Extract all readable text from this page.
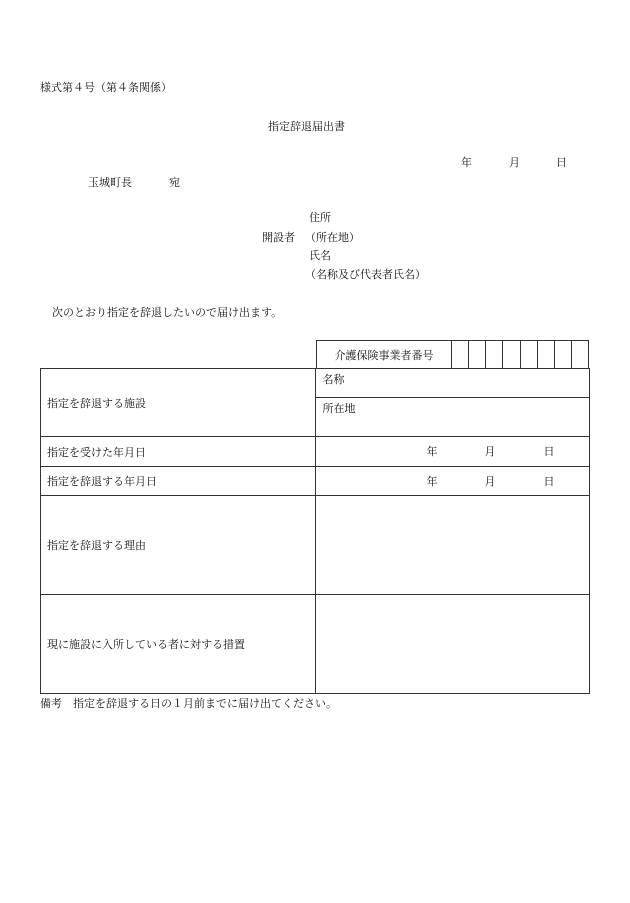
様式第４号（第４条関係）
指定辞退届出書
年	月	日
玉城町長	宛
住所
開設者 （所在地）
氏名
（名称及び代表者氏名）
次のとおり指定を辞退したいので届け出ます。
介護保険事業者番号
指定を辞退する施設	名称
	所在地
指定を受けた年月日	年 月 日

指定を辞退する年月日	年 月 日

指定を辞退する理由	
現に施設に入所している者に対する措置	
備考　指定を辞退する日の１月前までに届け出てください。
